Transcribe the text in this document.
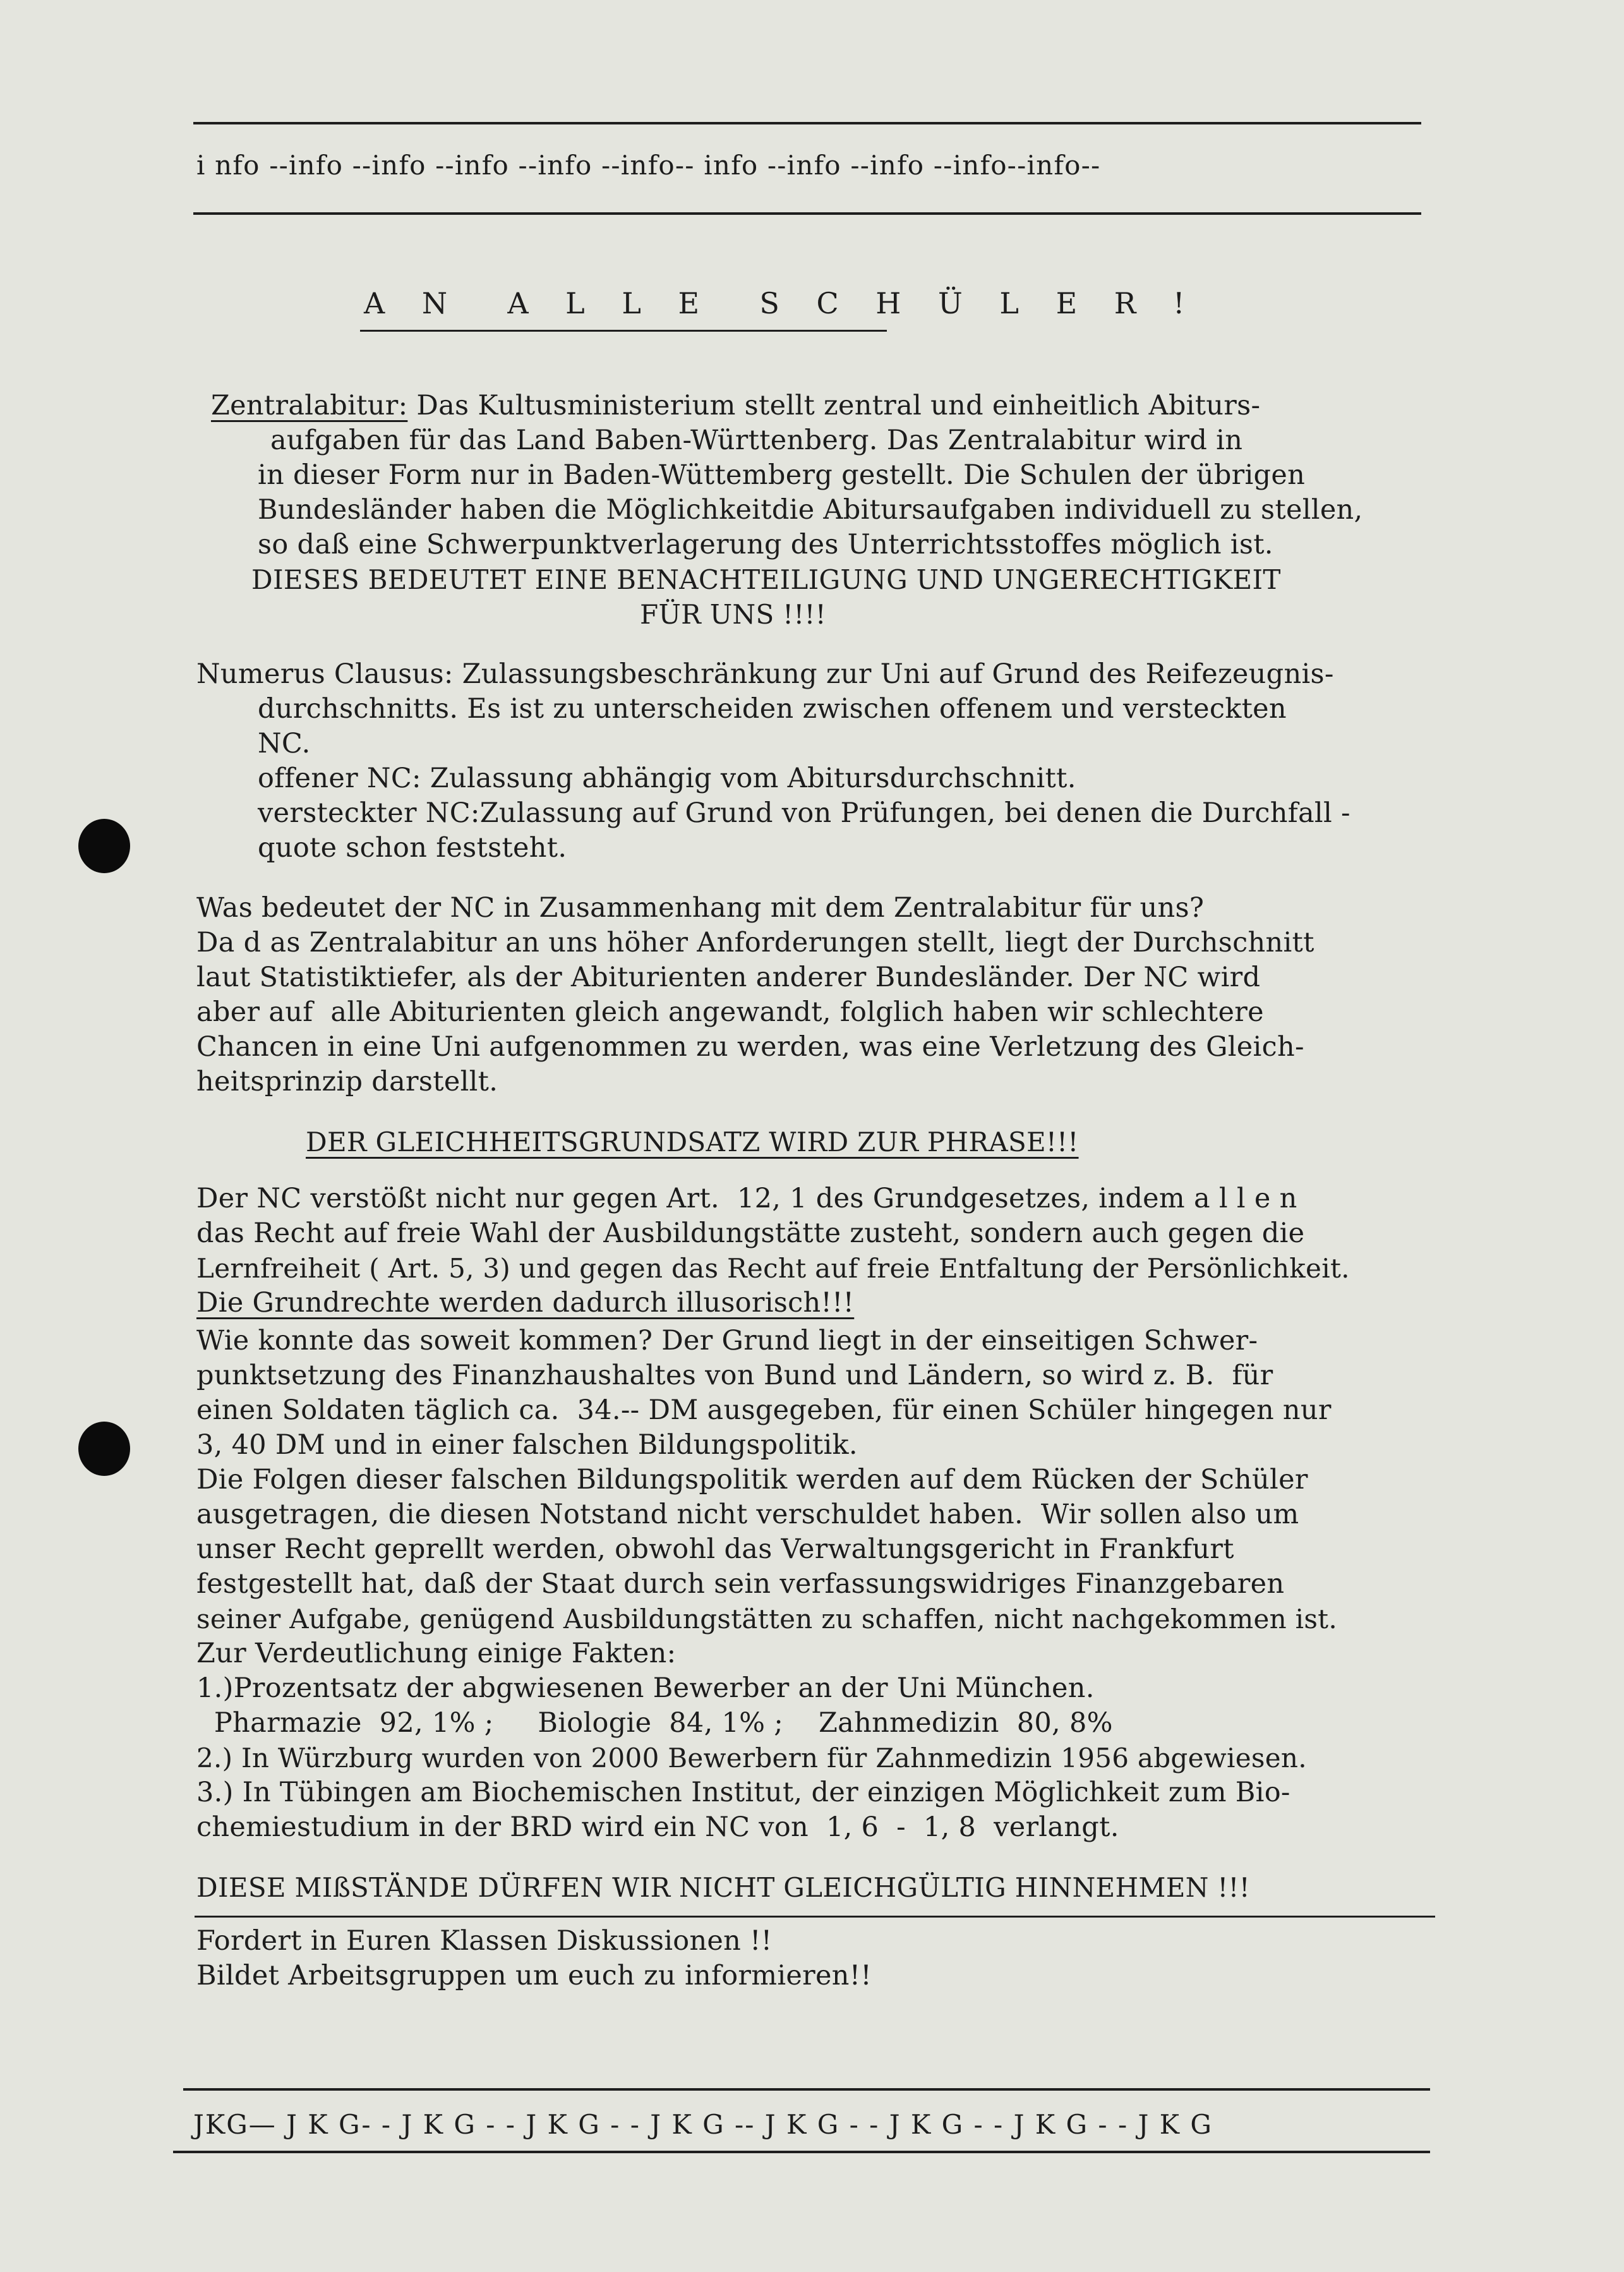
i nfo --info --info --info --info --info-- info --info --info --info--info--

A N  A L L E  S C H Ü L E R !

Zentralabitur: Das Kultusministerium stellt zentral und einheitlich Abiturs-

aufgaben für das Land Baben-Württenberg. Das Zentralabitur wird in

in dieser Form nur in Baden-Wüttemberg gestellt. Die Schulen der übrigen

Bundesländer haben die Möglichkeitdie Abitursaufgaben individuell zu stellen,

so daß eine Schwerpunktverlagerung des Unterrichtsstoffes möglich ist.

DIESES BEDEUTET EINE BENACHTEILIGUNG UND UNGERECHTIGKEIT

FÜR UNS !!!!

Numerus Clausus: Zulassungsbeschränkung zur Uni auf Grund des Reifezeugnis-

durchschnitts. Es ist zu unterscheiden zwischen offenem und versteckten

NC.

offener NC: Zulassung abhängig vom Abitursdurchschnitt.

versteckter NC:Zulassung auf Grund von Prüfungen, bei denen die Durchfall -

quote schon feststeht.

Was bedeutet der NC in Zusammenhang mit dem Zentralabitur für uns?

Da d as Zentralabitur an uns höher Anforderungen stellt, liegt der Durchschnitt

laut Statistiktiefer, als der Abiturienten anderer Bundesländer. Der NC wird

aber auf  alle Abiturienten gleich angewandt, folglich haben wir schlechtere

Chancen in eine Uni aufgenommen zu werden, was eine Verletzung des Gleich-

heitsprinzip darstellt.

DER GLEICHHEITSGRUNDSATZ WIRD ZUR PHRASE!!!

Der NC verstößt nicht nur gegen Art.  12, 1 des Grundgesetzes, indem a l l e n

das Recht auf freie Wahl der Ausbildungstätte zusteht, sondern auch gegen die

Lernfreiheit ( Art. 5, 3) und gegen das Recht auf freie Entfaltung der Persönlichkeit.

Die Grundrechte werden dadurch illusorisch!!!

Wie konnte das soweit kommen? Der Grund liegt in der einseitigen Schwer-

punktsetzung des Finanzhaushaltes von Bund und Ländern, so wird z. B.  für

einen Soldaten täglich ca.  34.-- DM ausgegeben, für einen Schüler hingegen nur

3, 40 DM und in einer falschen Bildungspolitik.

Die Folgen dieser falschen Bildungspolitik werden auf dem Rücken der Schüler

ausgetragen, die diesen Notstand nicht verschuldet haben.  Wir sollen also um

unser Recht geprellt werden, obwohl das Verwaltungsgericht in Frankfurt

festgestellt hat, daß der Staat durch sein verfassungswidriges Finanzgebaren

seiner Aufgabe, genügend Ausbildungstätten zu schaffen, nicht nachgekommen ist.

Zur Verdeutlichung einige Fakten:

1.)Prozentsatz der abgwiesenen Bewerber an der Uni München.

Pharmazie  92, 1% ;     Biologie  84, 1% ;    Zahnmedizin  80, 8%

2.) In Würzburg wurden von 2000 Bewerbern für Zahnmedizin 1956 abgewiesen.

3.) In Tübingen am Biochemischen Institut, der einzigen Möglichkeit zum Bio-

chemiestudium in der BRD wird ein NC von  1, 6  -  1, 8  verlangt.

DIESE MIßSTÄNDE DÜRFEN WIR NICHT GLEICHGÜLTIG HINNEHMEN !!!

Fordert in Euren Klassen Diskussionen !!

Bildet Arbeitsgruppen um euch zu informieren!!

JKG— J K G- - J K G - - J K G - - J K G -- J K G - - J K G - - J K G - - J K G
